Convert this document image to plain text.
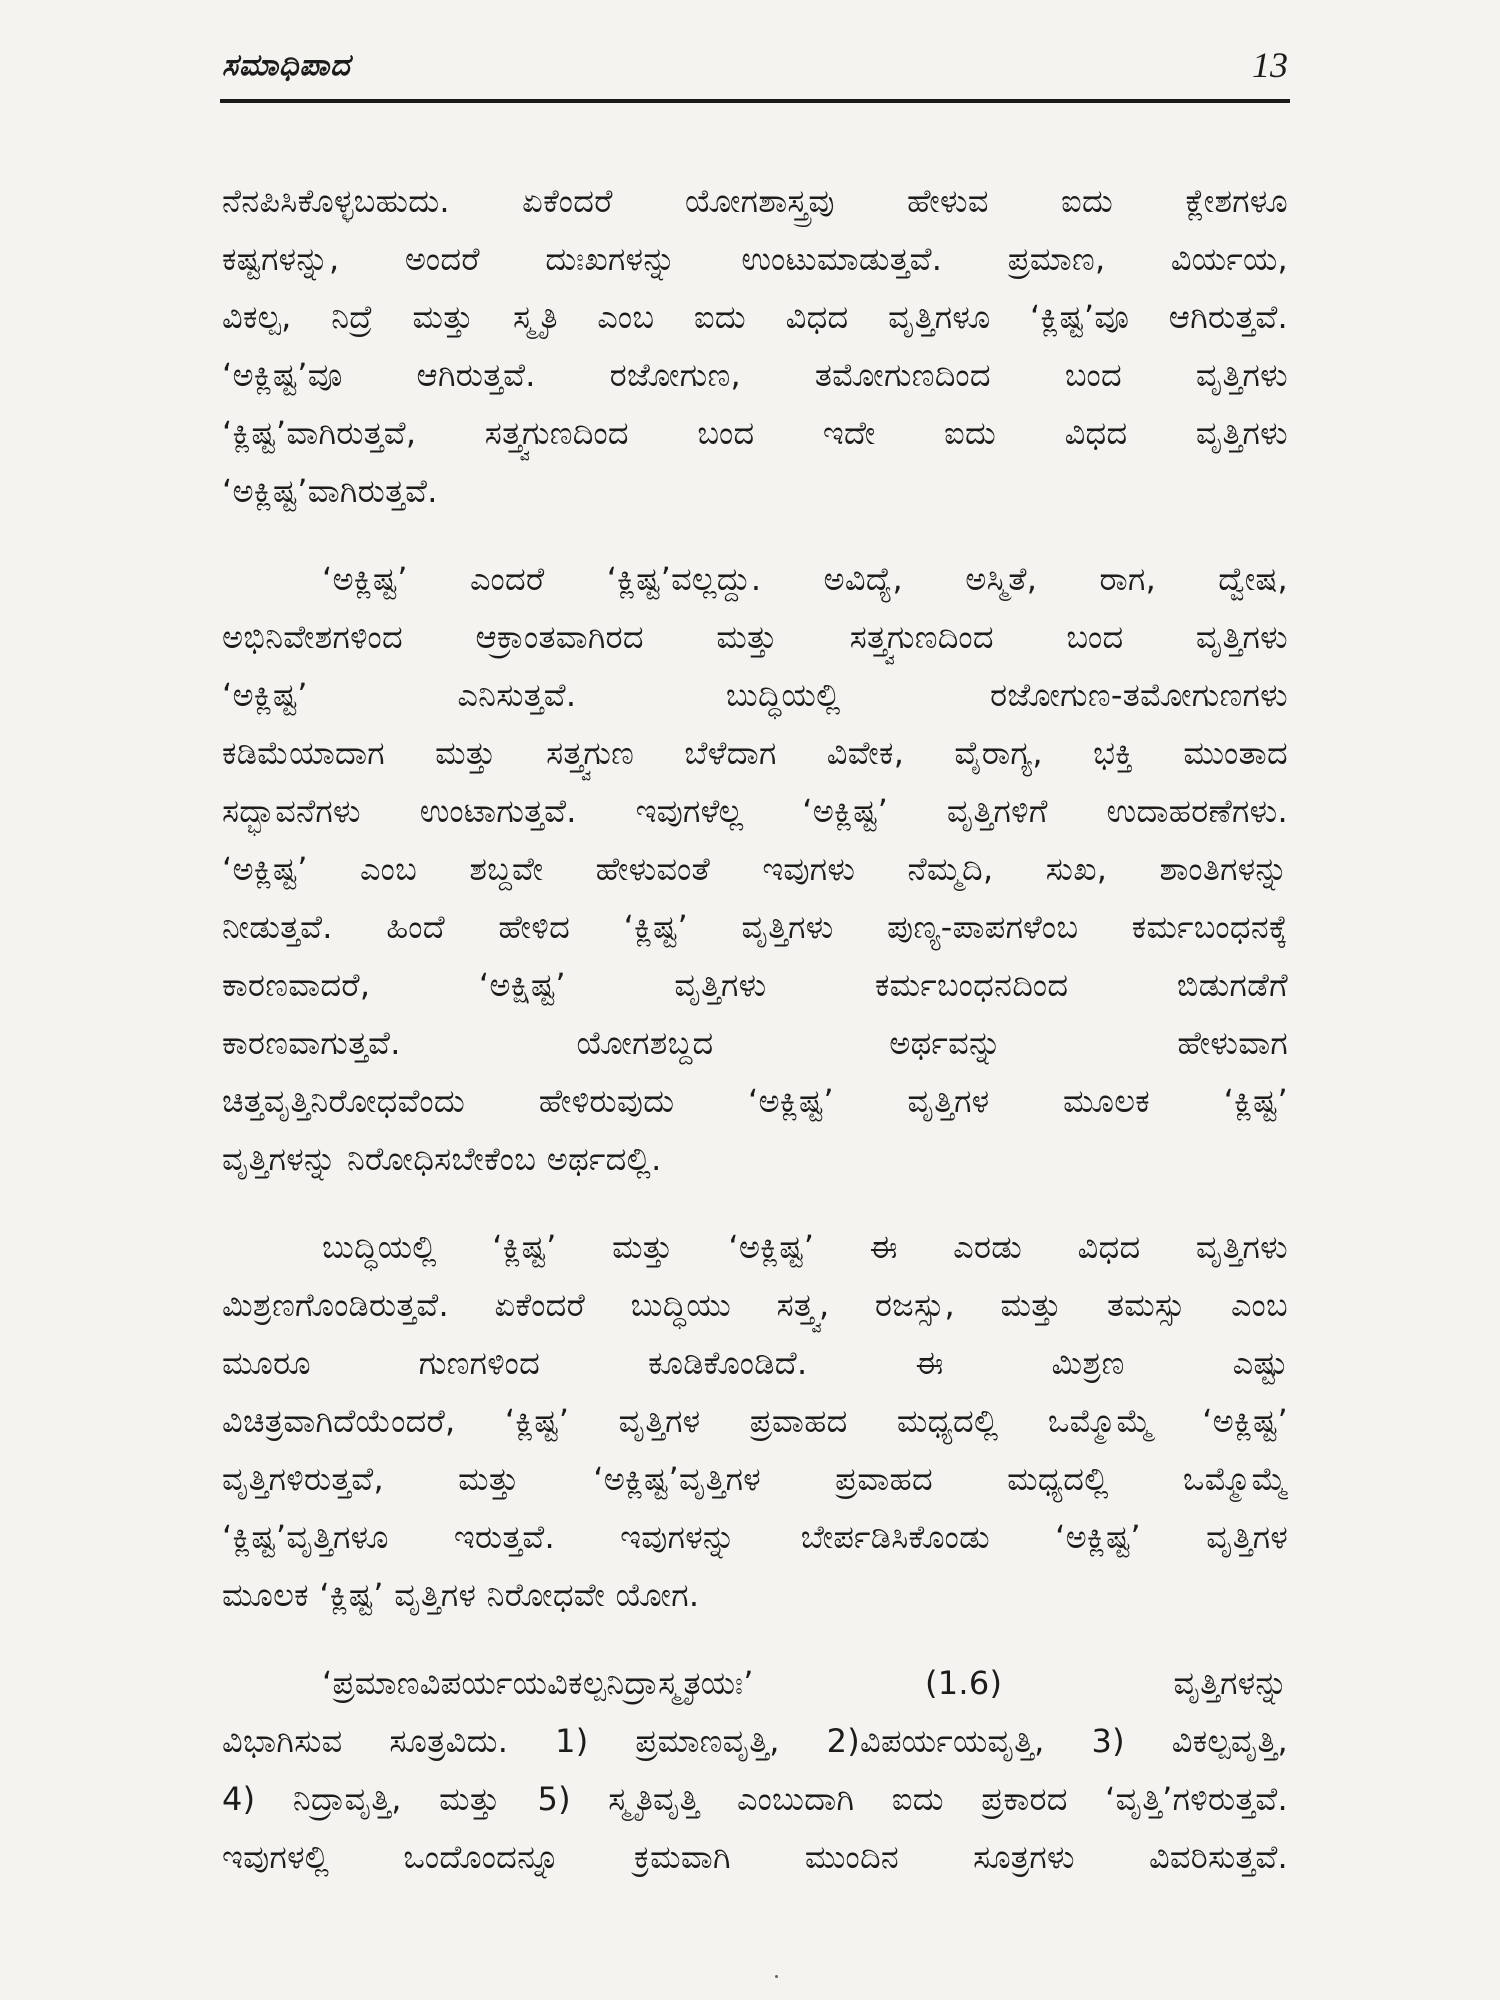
ಸಮಾಧಿಪಾದ	13
ನೆನಪಿಸಿಕೊಳ್ಳಬಹುದು. ಏಕೆಂದರೆ ಯೋಗಶಾಸ್ತ್ರವು ಹೇಳುವ ಐದು ಕ್ಲೇಶಗಳೂ
ಕಷ್ಟಗಳನ್ನು, ಅಂದರೆ ದುಃಖಗಳನ್ನು ಉಂಟುಮಾಡುತ್ತವೆ. ಪ್ರಮಾಣ, ವಿರ್ಯಯ,
ವಿಕಲ್ಪ, ನಿದ್ರೆ ಮತ್ತು ಸ್ಮೃತಿ ಎಂಬ ಐದು ವಿಧದ ವೃತ್ತಿಗಳೂ ‘ಕ್ಲಿಷ್ಟ’ವೂ ಆಗಿರುತ್ತವೆ.
‘ಅಕ್ಲಿಷ್ಟ’ವೂ ಆಗಿರುತ್ತವೆ. ರಜೋಗುಣ, ತಮೋಗುಣದಿಂದ ಬಂದ ವೃತ್ತಿಗಳು
‘ಕ್ಲಿಷ್ಟ’ವಾಗಿರುತ್ತವೆ, ಸತ್ತ್ವಗುಣದಿಂದ ಬಂದ ಇದೇ ಐದು ವಿಧದ ವೃತ್ತಿಗಳು
‘ಅಕ್ಲಿಷ್ಟ’ವಾಗಿರುತ್ತವೆ.
‘ಅಕ್ಲಿಷ್ಟ’ ಎಂದರೆ ‘ಕ್ಲಿಷ್ಟ’ವಲ್ಲದ್ದು. ಅವಿದ್ಯೆ, ಅಸ್ಮಿತೆ, ರಾಗ, ದ್ವೇಷ,
ಅಭಿನಿವೇಶಗಳಿಂದ ಆಕ್ರಾಂತವಾಗಿರದ ಮತ್ತು ಸತ್ತ್ವಗುಣದಿಂದ ಬಂದ ವೃತ್ತಿಗಳು
‘ಅಕ್ಲಿಷ್ಟ’ ಎನಿಸುತ್ತವೆ. ಬುದ್ಧಿಯಲ್ಲಿ ರಜೋಗುಣ-ತಮೋಗುಣಗಳು
ಕಡಿಮೆಯಾದಾಗ ಮತ್ತು ಸತ್ತ್ವಗುಣ ಬೆಳೆದಾಗ ವಿವೇಕ, ವೈರಾಗ್ಯ, ಭಕ್ತಿ ಮುಂತಾದ
ಸದ್ಭಾವನೆಗಳು ಉಂಟಾಗುತ್ತವೆ. ಇವುಗಳೆಲ್ಲ ‘ಅಕ್ಲಿಷ್ಟ’ ವೃತ್ತಿಗಳಿಗೆ ಉದಾಹರಣೆಗಳು.
‘ಅಕ್ಲಿಷ್ಟ’ ಎಂಬ ಶಬ್ದವೇ ಹೇಳುವಂತೆ ಇವುಗಳು ನೆಮ್ಮದಿ, ಸುಖ, ಶಾಂತಿಗಳನ್ನು
ನೀಡುತ್ತವೆ. ಹಿಂದೆ ಹೇಳಿದ ‘ಕ್ಲಿಷ್ಟ’ ವೃತ್ತಿಗಳು ಪುಣ್ಯ-ಪಾಪಗಳೆಂಬ ಕರ್ಮಬಂಧನಕ್ಕೆ
ಕಾರಣವಾದರೆ, ‘ಅಕ್ಷಿಷ್ಟ’ ವೃತ್ತಿಗಳು ಕರ್ಮಬಂಧನದಿಂದ ಬಿಡುಗಡೆಗೆ
ಕಾರಣವಾಗುತ್ತವೆ. ಯೋಗಶಬ್ದದ ಅರ್ಥವನ್ನು ಹೇಳುವಾಗ
ಚಿತ್ತವೃತ್ತಿನಿರೋಧವೆಂದು ಹೇಳಿರುವುದು ‘ಅಕ್ಲಿಷ್ಟ’ ವೃತ್ತಿಗಳ ಮೂಲಕ ‘ಕ್ಲಿಷ್ಟ’
ವೃತ್ತಿಗಳನ್ನು ನಿರೋಧಿಸಬೇಕೆಂಬ ಅರ್ಥದಲ್ಲಿ.
ಬುದ್ಧಿಯಲ್ಲಿ ‘ಕ್ಲಿಷ್ಟ’ ಮತ್ತು ‘ಅಕ್ಲಿಷ್ಟ’ ಈ ಎರಡು ವಿಧದ ವೃತ್ತಿಗಳು
ಮಿಶ್ರಣಗೊಂಡಿರುತ್ತವೆ. ಏಕೆಂದರೆ ಬುದ್ಧಿಯು ಸತ್ತ್ವ, ರಜಸ್ಸು, ಮತ್ತು ತಮಸ್ಸು ಎಂಬ
ಮೂರೂ ಗುಣಗಳಿಂದ ಕೂಡಿಕೊಂಡಿದೆ. ಈ ಮಿಶ್ರಣ ಎಷ್ಟು
ವಿಚಿತ್ರವಾಗಿದೆಯೆಂದರೆ, ‘ಕ್ಲಿಷ್ಟ’ ವೃತ್ತಿಗಳ ಪ್ರವಾಹದ ಮಧ್ಯದಲ್ಲಿ ಒಮ್ಮೊಮ್ಮೆ ‘ಅಕ್ಲಿಷ್ಟ’
ವೃತ್ತಿಗಳಿರುತ್ತವೆ, ಮತ್ತು ‘ಅಕ್ಲಿಷ್ಟ’ವೃತ್ತಿಗಳ ಪ್ರವಾಹದ ಮಧ್ಯದಲ್ಲಿ ಒಮ್ಮೊಮ್ಮೆ
‘ಕ್ಲಿಷ್ಟ’ವೃತ್ತಿಗಳೂ ಇರುತ್ತವೆ. ಇವುಗಳನ್ನು ಬೇರ್ಪಡಿಸಿಕೊಂಡು ‘ಅಕ್ಲಿಷ್ಟ’ ವೃತ್ತಿಗಳ
ಮೂಲಕ ‘ಕ್ಲಿಷ್ಟ’ ವೃತ್ತಿಗಳ ನಿರೋಧವೇ ಯೋಗ.
‘ಪ್ರಮಾಣವಿಪರ್ಯಯವಿಕಲ್ಪನಿದ್ರಾಸ್ಮೃತಯಃ’ (1.6) ವೃತ್ತಿಗಳನ್ನು
ವಿಭಾಗಿಸುವ ಸೂತ್ರವಿದು. 1) ಪ್ರಮಾಣವೃತ್ತಿ, 2)ವಿಪರ್ಯಯವೃತ್ತಿ, 3) ವಿಕಲ್ಪವೃತ್ತಿ,
4) ನಿದ್ರಾವೃತ್ತಿ, ಮತ್ತು 5) ಸ್ಮೃತಿವೃತ್ತಿ ಎಂಬುದಾಗಿ ಐದು ಪ್ರಕಾರದ ‘ವೃತ್ತಿ’ಗಳಿರುತ್ತವೆ.
ಇವುಗಳಲ್ಲಿ ಒಂದೊಂದನ್ನೂ ಕ್ರಮವಾಗಿ ಮುಂದಿನ ಸೂತ್ರಗಳು ವಿವರಿಸುತ್ತವೆ.
